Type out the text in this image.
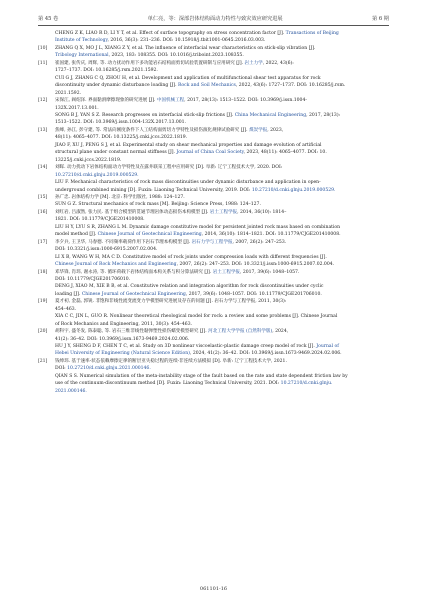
第 45 卷	单仁亮，等：深部岩体结构面动力特性与致灾效应研究进展	第 6 期

CHENG Z K, LIAO R D, LI Y T, et al. Effect of surface topography on stress concentration factor [J]. Transactions of Beijing

Institute of Technology, 2016, 36(3): 231–236. DOI: 10.15918/j.tbit1001-0645.2016.03.003.

[10]	ZHANG Q X, MO J L, XIANG Z Y, et al. The influence of interfacial wear characteristics on stick-slip vibration [J].

Tribology International, 2023, 183: 108355. DOI: 10.1016/j.triboint.2023.108355.

[11]	崔国建, 张传庆, 周辉, 等. 动力扰动作用下多功能岩石结构面剪切试验装置研制与应用研究 [J]. 岩土力学, 2022, 43(6):

1727–1737. DOI: 10.16285/j.rsm.2021.1592.

CUI G J, ZHANG C Q, ZHOU H, et al. Development and application of multifunctional shear test apparatus for rock

discontinuity under dynamic disturbance loading [J]. Rock and Soil Mechanics, 2022, 43(6): 1727–1737. DOI: 10.16285/j.rsm.

2021.1592.

[12]	宋保江, 阎绍泽. 界面黏滑摩擦现象的研究进展 [J]. 中国机械工程, 2017, 28(13): 1513–1522. DOI: 10.3969/j.issn.1004-

132X.2017.13.001.

SONG B J, YAN S Z. Research progresses on interfacial stick-slip frictions [J]. China Mechanical Engineering, 2017, 28(13):

1513–1522. DOI: 10.3969/j.issn.1004-132X.2017.13.001.

[13]	焦峰, 孙江, 彭守建, 等. 常法向刚度条件下人工结构面剪切力学特性及损伤演化规律试验研究 [J]. 煤炭学报, 2023,

48(11): 4065–4077. DOI: 10.13225/j.cnki.jccs.2022.1819.

JIAO F, XU J, PENG S J, et al. Experimental study on shear mechanical properties and damage evolution of artificial

structural plane under constant normal stiffness [J]. Journal of China Coal Society, 2023, 48(11): 4065–4077. DOI: 10.

13225/j.cnki.jccs.2022.1819.

[14]	刘晖. 动力扰动下岩体结构面动力学特性及在露井联采工程中应用研究 [D]. 阜新: 辽宁工程技术大学, 2020. DOI:

10.27210/d.cnki.glnju.2019.000529.

LIU F. Mechanical characteristics of rock mass discontinuities under dynamic disturbance and application in open-

underground combined mining [D]. Fuxin: Liaoning Technical University, 2019. DOI: 10.27210/d.cnki.glnju.2019.000529.

[15]	孙广忠. 岩体结构力学 [M]. 北京: 科学出版社, 1988: 124–127.

SUN G Z. Structural mechanics of rock mass [M]. Beijing: Science Press, 1988: 124–127.

[16]	刘红岩, 吕淑然, 张力民. 基于组合模型的贯通节理岩体动态损伤本构模型 [J]. 岩土工程学报, 2014, 36(10): 1814–

1821. DOI: 10.11779/CJGE201410008.

LIU H Y, LYU S R, ZHANG L M. Dynamic damage constitutive model for persistent jointed rock mass based on combination

model method [J]. Chinese Journal of Geotechnical Engineering, 2014, 36(10): 1814–1821. DOI: 10.11779/CJGE201410008.

[17]	李夕兵, 王卫华, 马春德. 不同频率载荷作用下岩石节理本构模型 [J]. 岩石力学与工程学报, 2007, 26(2): 247–253.

DOI: 10.3321/j.issn:1000-6915.2007.02.004.

LI X B, WANG W H, MA C D. Constitutive model of rock joints under compression loads with different frequencies [J].

Chinese Journal of Rock Mechanics and Engineering, 2007, 26(2): 247–253. DOI: 10.3321/j.issn:1000-6915.2007.02.004.

[18]	邓华锋, 肖玮, 谢永涛, 等. 循环荷载下岩体结构面本构关系与积分算法研究 [J]. 岩土工程学报, 2017, 39(6): 1048–1057.

DOI: 10.11779/CJGE201706010.

DENG J, XIAO M, XIE B B, et al. Constitutive relation and integration algorithm for rock discontinuities under cyclic

loading [J]. Chinese Journal of Geotechnical Engineering, 2017, 39(6): 1048–1057. DOI: 10.11779/CJGE201706010.

[19]	夏才初, 金磊, 郭锐. 非饱和非线性流变流变力学模型研究进展及存在的问题 [J]. 岩石力学与工程学报, 2011, 30(3):

454–463.

XIA C C, JIN L, GUO R. Nonlinear theoretical rheological model for rock: a review and some problems [J]. Chinese Journal

of Rock Mechanics and Engineering, 2011, 30(3): 454–463.

[20]	胡科宇, 盛冬发, 陈泰聪, 等. 岩石三维非线性黏弹塑性损伤蠕变模型研究 [J]. 河北工程大学学报 (自然科学版), 2024,

41(2): 36–42. DOI: 10.3969/j.issn.1673-9469.2024.02.006.

HU J Y, SHENG D F, CHEN T C, et al. Study on 3D nonlinear viscoelastic-plastic damage creep model of rock [J]. Journal of

Hebei University of Engineering (Natural Science Edition), 2024, 41(2): 36–42. DOI: 10.3969/j.issn.1673-9469.2024.02.006.

[21]	钱绅玮. 基于速率-状态依赖摩擦定律的断层亚失稳过程的连续-非连续方法模拟 [D]. 阜新: 辽宁工程技术大学, 2021.

DOI: 10.27210/d.cnki.glnju.2021.000146.

QIAN S S. Numerical simulation of the meta-instability stage of the fault based on the rate and state dependent friction law by

use of the continuum-discontinuum method [D]. Fuxin: Liaoning Technical University, 2021. DOI: 10.27210/d.cnki.glnju.

2021.000146.

061101-16
